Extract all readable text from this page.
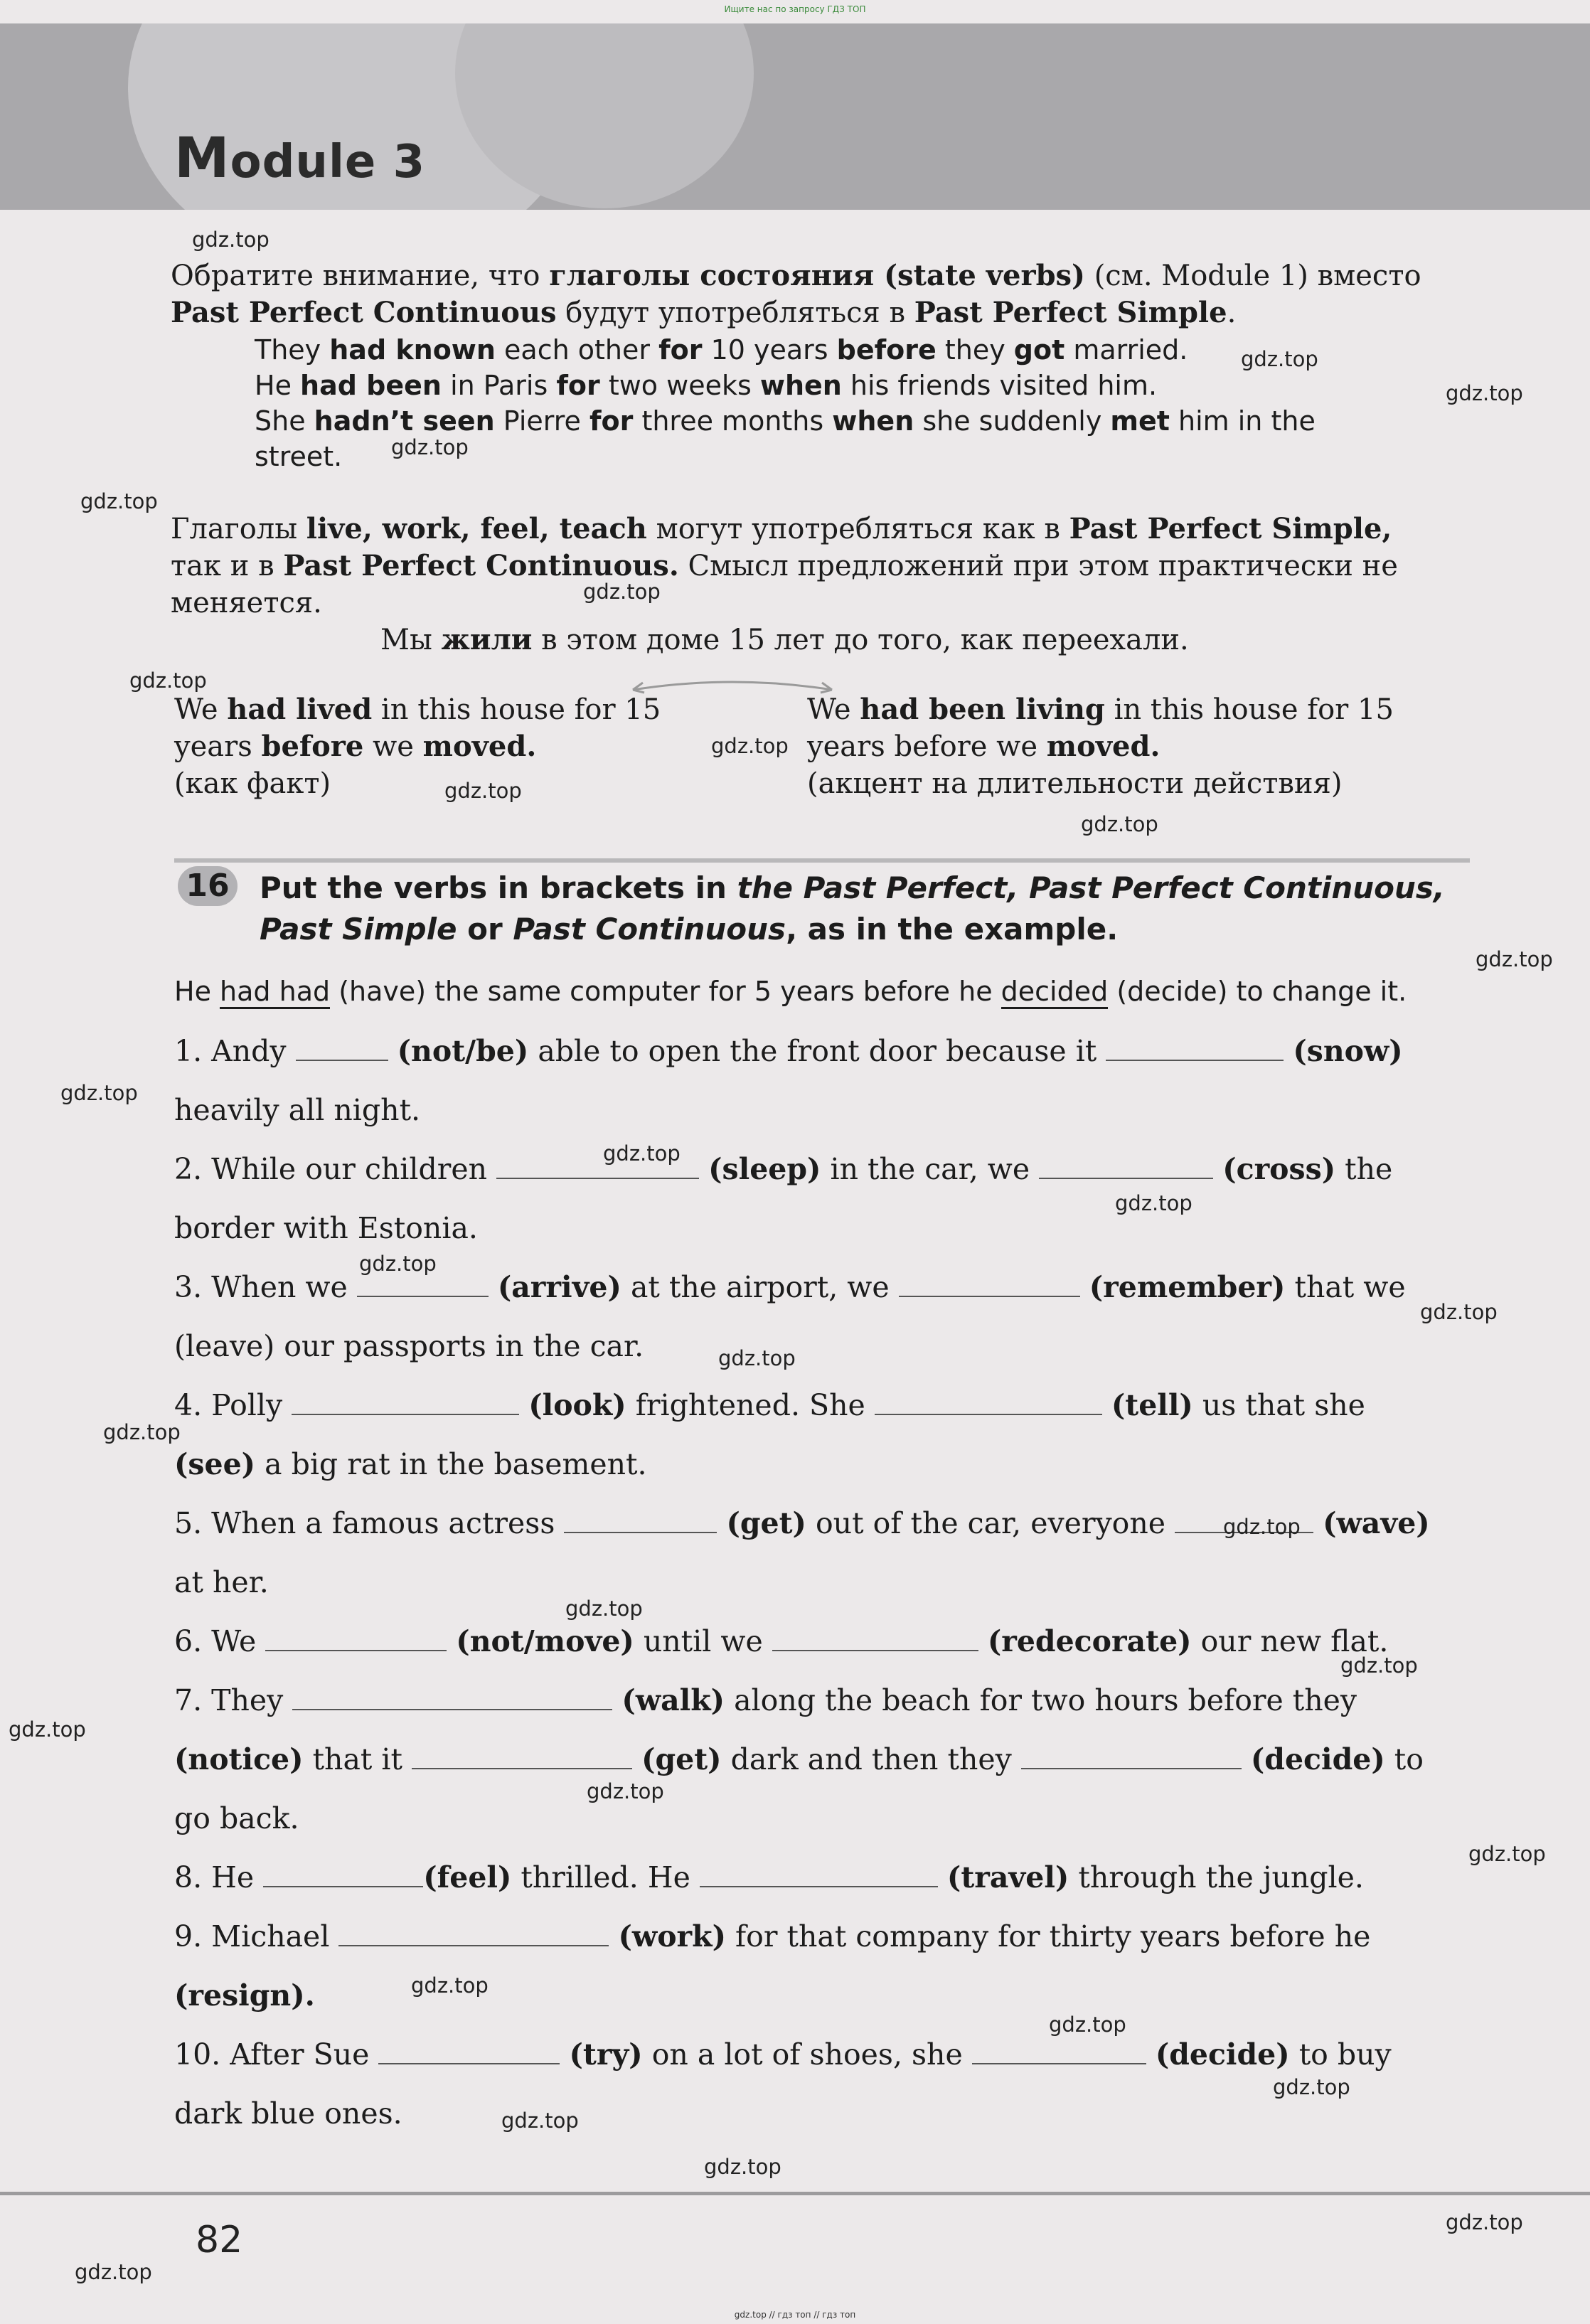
Ищите нас по запросу ГДЗ ТОП
Module 3
Обратите внимание, что глаголы состояния (state verbs) (см. Module 1) вместо
Past Perfect Continuous будут употребляться в Past Perfect Simple.
They had known each other for 10 years before they got married.
He had been in Paris for two weeks when his friends visited him.
She hadn’t seen Pierre for three months when she suddenly met him in the
street.
Глаголы live, work, feel, teach могут употребляться как в Past Perfect Simple,
так и в Past Perfect Continuous. Смысл предложений при этом практически не
меняется.
Мы жили в этом доме 15 лет до того, как переехали.
We had lived in this house for 15
years before we moved.
(как факт)
We had been living in this house for 15
years before we moved.
(акцент на длительности действия)
16 Put the verbs in brackets in the Past Perfect, Past Perfect Continuous,
Past Simple or Past Continuous, as in the example.
He had had (have) the same computer for 5 years before he decided (decide) to change it.
1. Andy	(not/be) able to open the front door because it	(snow)
heavily all night.
2. While our children	(sleep) in the car, we	(cross) the
border with Estonia.
3. When we	(arrive) at the airport, we	(remember) that we
(leave) our passports in the car.
4. Polly	(look) frightened. She	(tell) us that she
(see) a big rat in the basement.
5. When a famous actress	(get) out of the car, everyone	(wave)
at her.
6. We	(not/move) until we	(redecorate) our new flat.
7. They	(walk) along the beach for two hours before they
(notice) that it	(get) dark and then they	(decide) to
go back.
8. He	(feel) thrilled. He	(travel) through the jungle.
9. Michael	(work) for that company for thirty years before he
(resign).
10. After Sue	(try) on a lot of shoes, she	(decide) to buy
dark blue ones.
82
gdz.top
gdz.top
gdz.top
gdz.top
gdz.top
gdz.top
gdz.top
gdz.top
gdz.top
gdz.top
gdz.top
gdz.top
gdz.top
gdz.top
gdz.top
gdz.top
gdz.top
gdz.top
gdz.top
gdz.top
gdz.top
gdz.top
gdz.top
gdz.top
gdz.top
gdz.top
gdz.top
gdz.top
gdz.top
gdz.top
gdz.top
gdz.top // гдз топ // гдз топ
